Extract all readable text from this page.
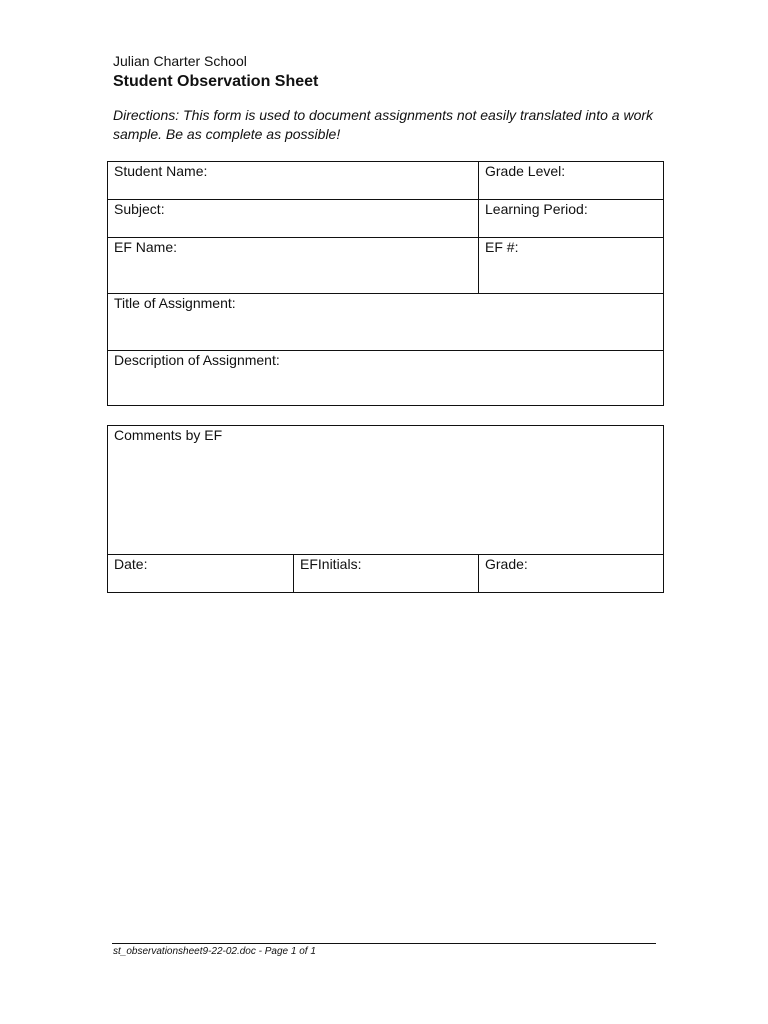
Julian Charter School
Student Observation Sheet
Directions: This form is used to document assignments not easily translated into a work sample. Be as complete as possible!
Student Name:	Grade Level:
Subject:	Learning Period:
EF Name:	EF #:
Title of Assignment:	
Description of Assignment:	
Comments by EF
Date:	EFInitials:	Grade:
st_observationsheet9-22-02.doc - Page 1 of 1
